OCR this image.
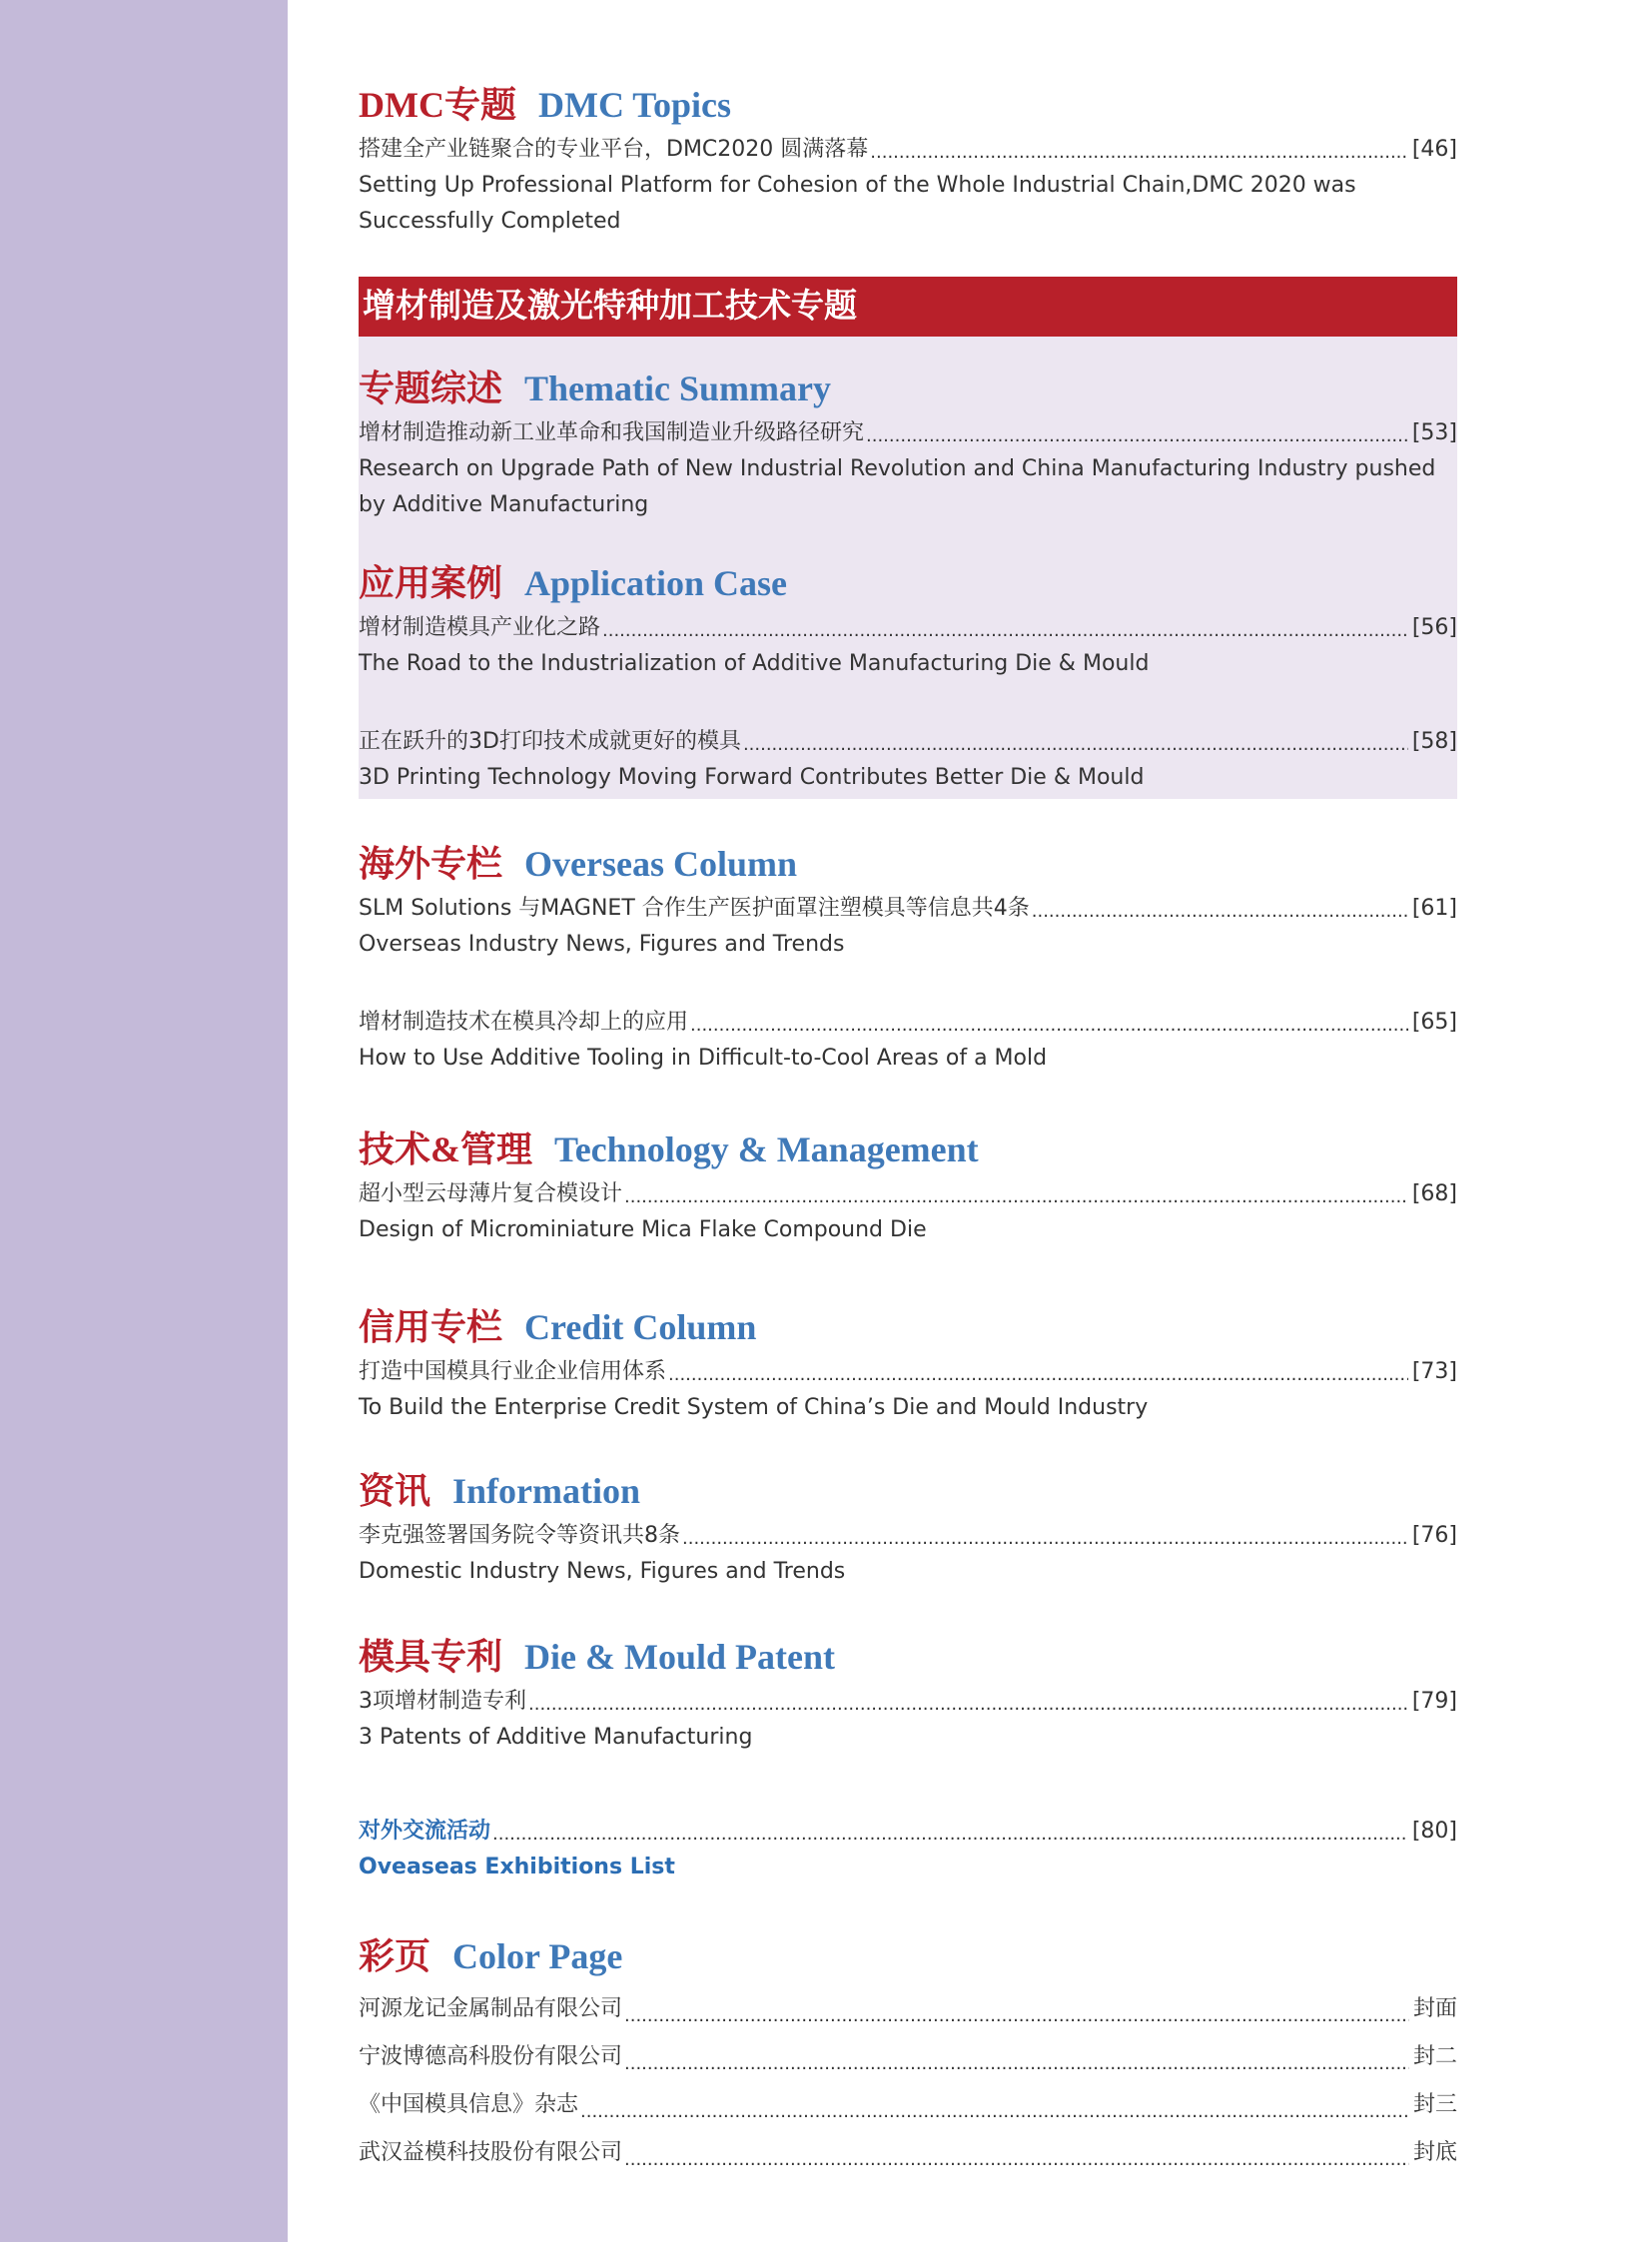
DMC专题 DMC Topics
搭建全产业链聚合的专业平台，DMC2020 圆满落幕 .....	[46]
Setting Up Professional Platform for Cohesion of the Whole Industrial Chain,DMC 2020 was Successfully Completed
增材制造及激光特种加工技术专题
专题综述 Thematic Summary
增材制造推动新工业革命和我国制造业升级路径研究 .....	[53]
Research on Upgrade Path of New Industrial Revolution and China Manufacturing Industry pushed by Additive Manufacturing
应用案例 Application Case
增材制造模具产业化之路 .....	[56]
The Road to the Industrialization of Additive Manufacturing Die & Mould
正在跃升的3D打印技术成就更好的模具 .....	[58]
3D Printing Technology Moving Forward Contributes Better Die & Mould
海外专栏 Overseas Column
SLM Solutions 与MAGNET 合作生产医护面罩注塑模具等信息共4条 .....	[61]
Overseas Industry News, Figures and Trends
增材制造技术在模具冷却上的应用 .....	[65]
How to Use Additive Tooling in Difficult-to-Cool Areas of a Mold
技术&管理 Technology & Management
超小型云母薄片复合模设计 .....	[68]
Design of Microminiature Mica Flake Compound Die
信用专栏 Credit Column
打造中国模具行业企业信用体系 .....	[73]
To Build the Enterprise Credit System of China’s Die and Mould Industry
资讯 Information
李克强签署国务院令等资讯共8条 .....	[76]
Domestic Industry News, Figures and Trends
模具专利 Die & Mould Patent
3项增材制造专利 .....	[79]
3 Patents of Additive Manufacturing
对外交流活动 .....	[80]
Oveaseas Exhibitions List
彩页 Color Page
河源龙记金属制品有限公司 .....	封面
宁波博德高科股份有限公司 .....	封二
《中国模具信息》杂志 .....	封三
武汉益模科技股份有限公司 .....	封底
